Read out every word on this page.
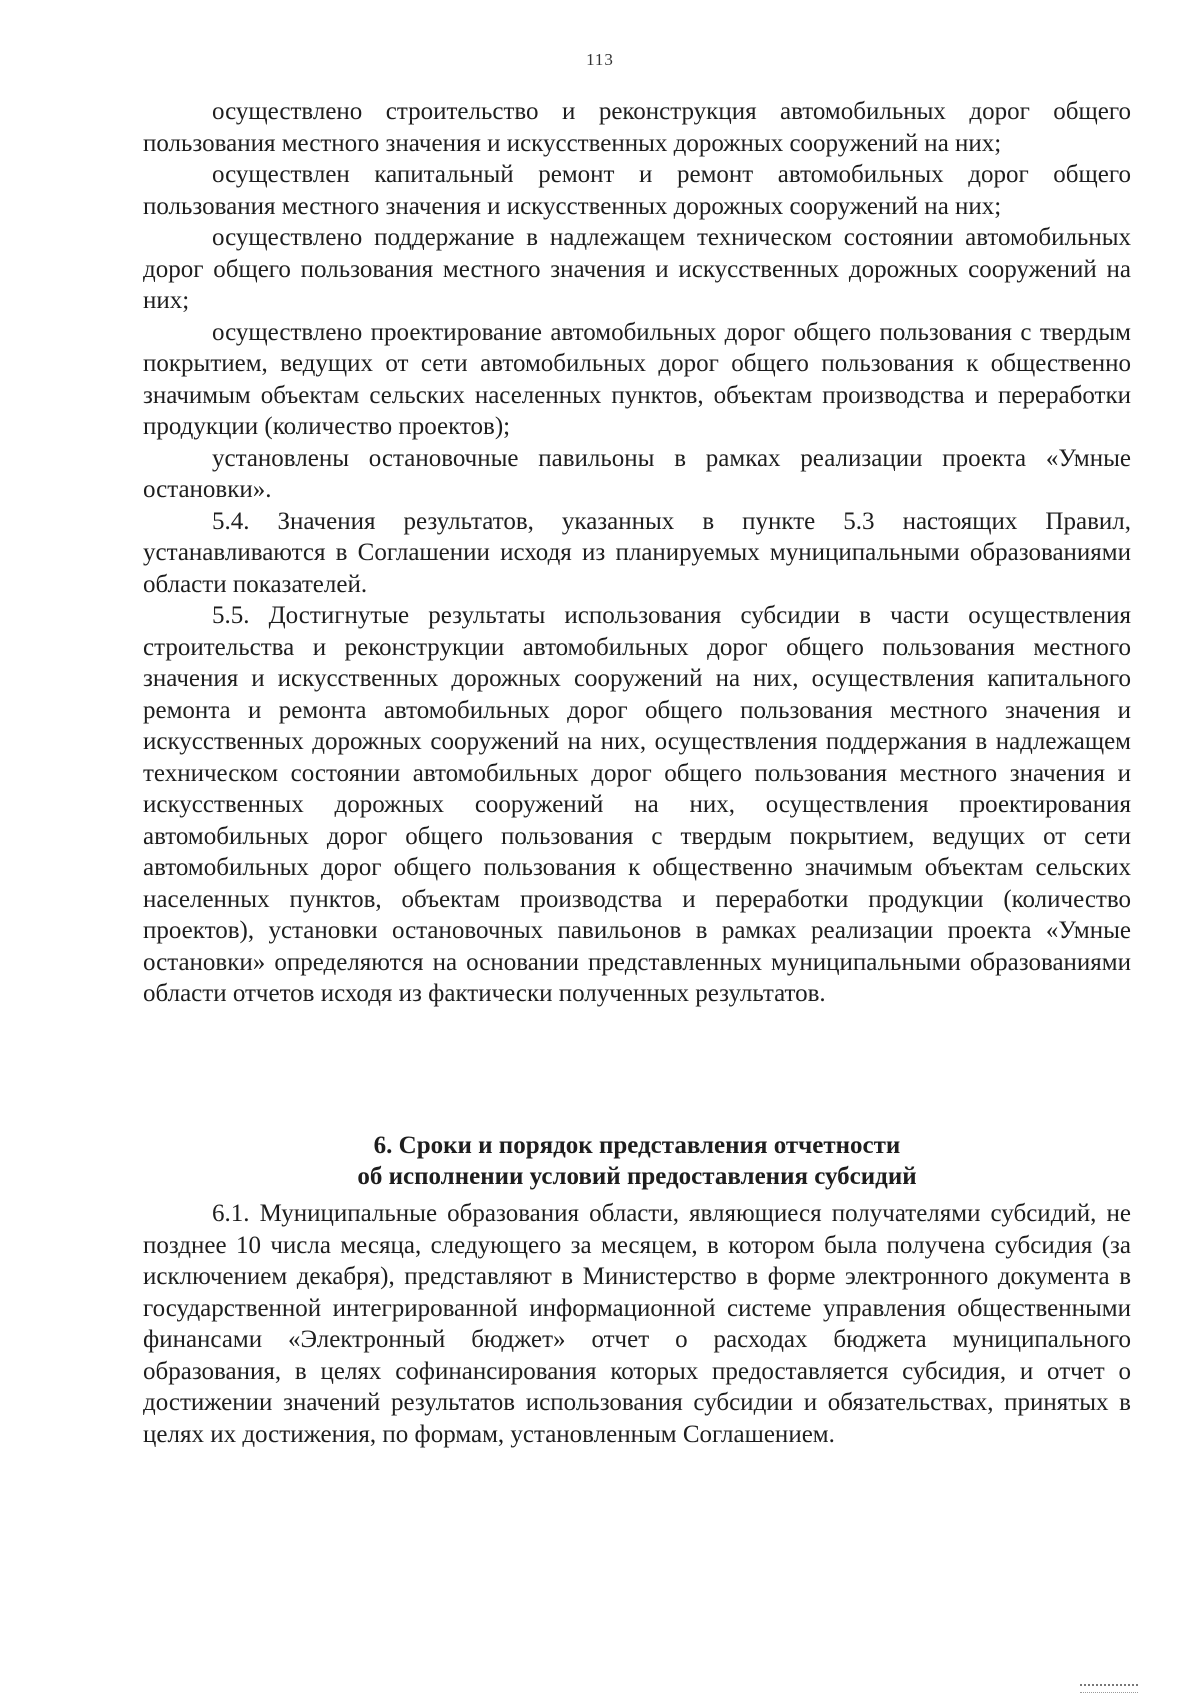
113

осуществлено строительство и реконструкция автомобильных дорог общего пользования местного значения и искусственных дорожных сооружений на них;

осуществлен капитальный ремонт и ремонт автомобильных дорог общего пользования местного значения и искусственных дорожных сооружений на них;

осуществлено поддержание в надлежащем техническом состоянии автомобильных дорог общего пользования местного значения и искусственных дорожных сооружений на них;

осуществлено проектирование автомобильных дорог общего пользования с твердым покрытием, ведущих от сети автомобильных дорог общего пользования к общественно значимым объектам сельских населенных пунктов, объектам производства и переработки продукции (количество проектов);

установлены остановочные павильоны в рамках реализации проекта «Умные остановки».

5.4. Значения результатов, указанных в пункте 5.3 настоящих Правил, устанавливаются в Соглашении исходя из планируемых муниципальными образованиями области показателей.

5.5. Достигнутые результаты использования субсидии в части осуществления строительства и реконструкции автомобильных дорог общего пользования местного значения и искусственных дорожных сооружений на них, осуществления капитального ремонта и ремонта автомобильных дорог общего пользования местного значения и искусственных дорожных сооружений на них, осуществления поддержания в надлежащем техническом состоянии автомобильных дорог общего пользования местного значения и искусственных дорожных сооружений на них, осуществления проектирования автомобильных дорог общего пользования с твердым покрытием, ведущих от сети автомобильных дорог общего пользования к общественно значимым объектам сельских населенных пунктов, объектам производства и переработки продукции (количество проектов), установки остановочных павильонов в рамках реализации проекта «Умные остановки» определяются на основании представленных муниципальными образованиями области отчетов исходя из фактически полученных результатов.

6. Сроки и порядок представления отчетности
об исполнении условий предоставления субсидий

6.1. Муниципальные образования области, являющиеся получателями субсидий, не позднее 10 числа месяца, следующего за месяцем, в котором была получена субсидия (за исключением декабря), представляют в Министерство в форме электронного документа в государственной интегрированной информационной системе управления общественными финансами «Электронный бюджет» отчет о расходах бюджета муниципального образования, в целях софинансирования которых предоставляется субсидия, и отчет о достижении значений результатов использования субсидии и обязательствах, принятых в целях их достижения, по формам, установленным Соглашением.
